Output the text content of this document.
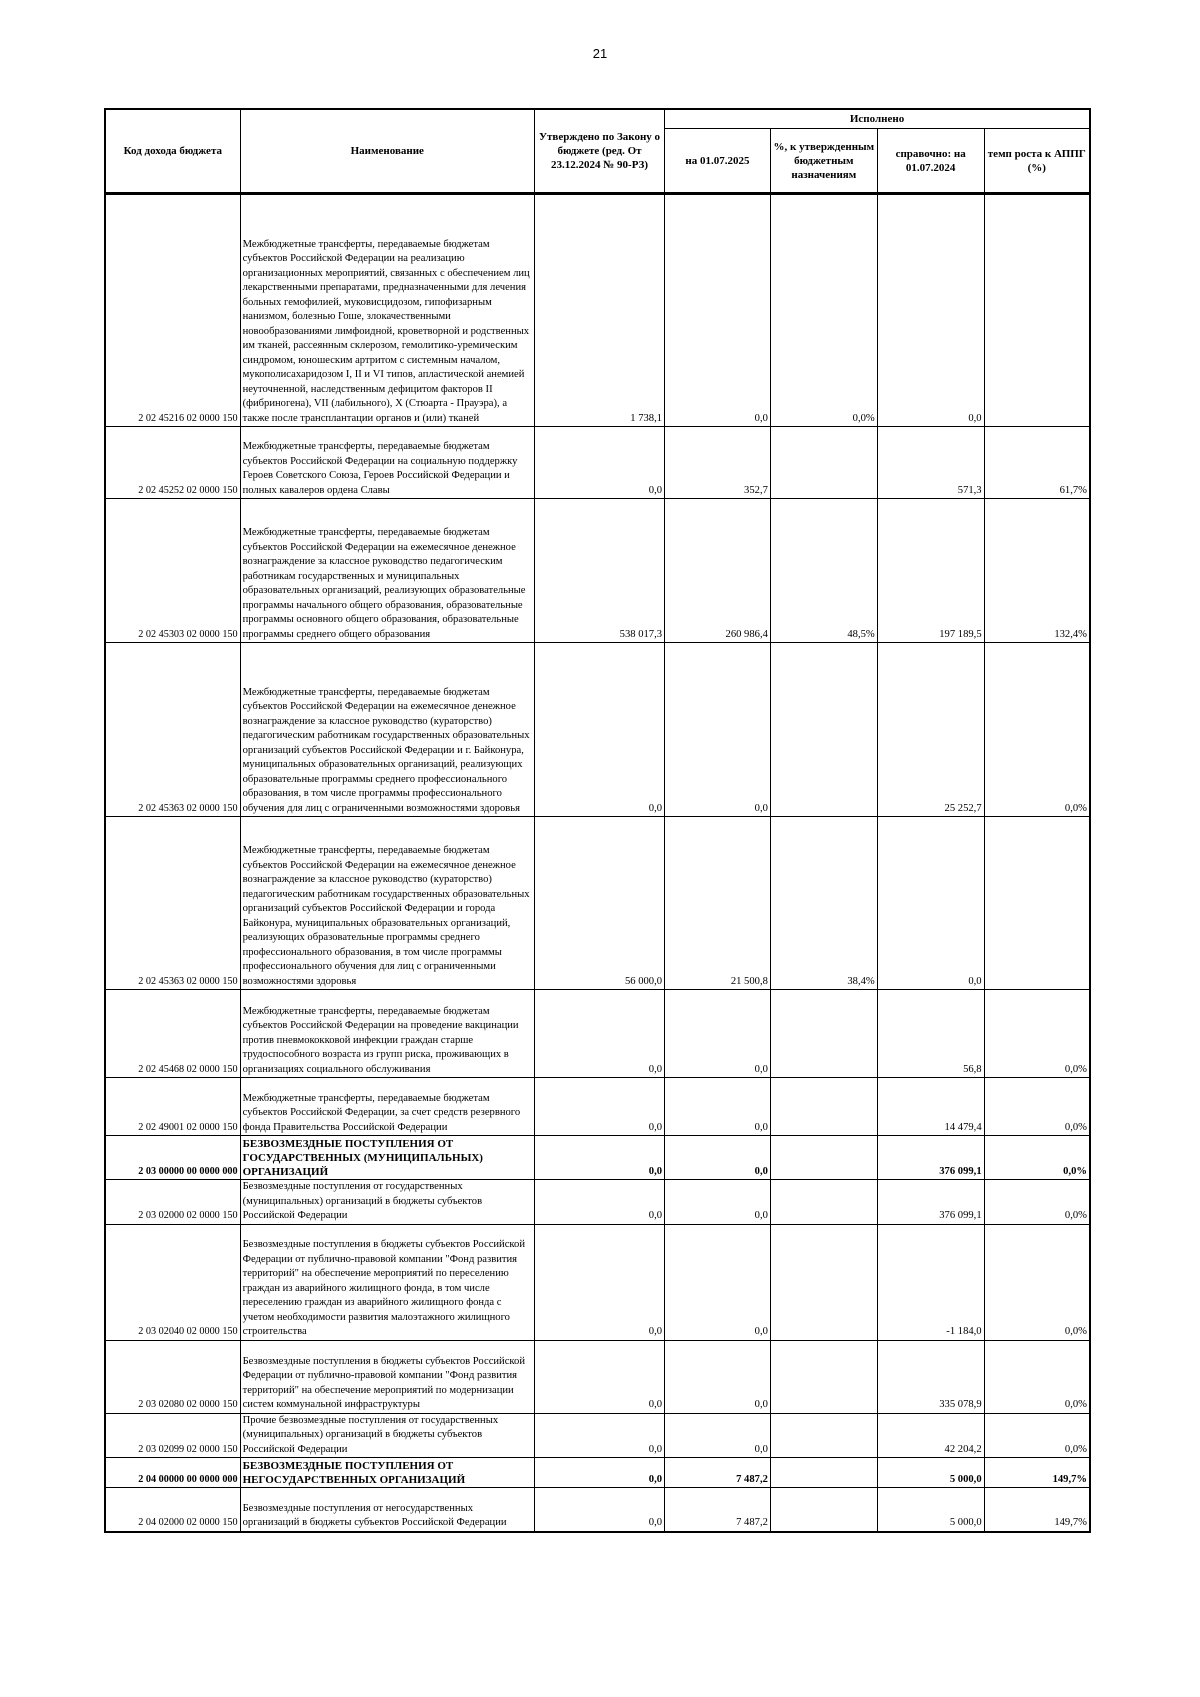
21
Код дохода бюджета	Наименование	Утверждено по Закону о бюджете (ред. От 23.12.2024 № 90-РЗ)	Исполнено			
			на 01.07.2025	%, к утвержденным бюджетным назначениям	справочно: на 01.07.2024	темп роста к АППГ (%)
2 02 45216 02 0000 150	Межбюджетные трансферты, передаваемые бюджетам субъектов Российской Федерации на реализацию организационных мероприятий, связанных с обеспечением лиц лекарственными препаратами, предназначенными для лечения больных гемофилией, муковисцидозом, гипофизарным нанизмом, болезнью Гоше, злокачественными новообразованиями лимфоидной, кроветворной и родственных им тканей, рассеянным склерозом, гемолитико-уремическим синдромом, юношеским артритом с системным началом, мукополисахаридозом I, II и VI типов, апластической анемией неуточненной, наследственным дефицитом факторов II (фибриногена), VII (лабильного), X (Стюарта - Прауэра), а также после трансплантации органов и (или) тканей	1 738,1	0,0	0,0%	0,0	
2 02 45252 02 0000 150	Межбюджетные трансферты, передаваемые бюджетам субъектов Российской Федерации на социальную поддержку Героев Советского Союза, Героев Российской Федерации и полных кавалеров ордена Славы	0,0	352,7		571,3	61,7%
2 02 45303 02 0000 150	Межбюджетные трансферты, передаваемые бюджетам субъектов Российской Федерации на ежемесячное денежное вознаграждение за классное руководство педагогическим работникам государственных и муниципальных образовательных организаций, реализующих образовательные программы начального общего образования, образовательные программы основного общего образования, образовательные программы среднего общего образования	538 017,3	260 986,4	48,5%	197 189,5	132,4%
2 02 45363 02 0000 150	Межбюджетные трансферты, передаваемые бюджетам субъектов Российской Федерации на ежемесячное денежное вознаграждение за классное руководство (кураторство) педагогическим работникам государственных образовательных организаций субъектов Российской Федерации и г. Байконура, муниципальных образовательных организаций, реализующих образовательные программы среднего профессионального образования, в том числе программы профессионального обучения для лиц с ограниченными возможностями здоровья	0,0	0,0		25 252,7	0,0%
2 02 45363 02 0000 150	Межбюджетные трансферты, передаваемые бюджетам субъектов Российской Федерации на ежемесячное денежное вознаграждение за классное руководство (кураторство) педагогическим работникам государственных образовательных организаций субъектов Российской Федерации и города Байконура, муниципальных образовательных организаций, реализующих образовательные программы среднего профессионального образования, в том числе программы профессионального обучения для лиц с ограниченными возможностями здоровья	56 000,0	21 500,8	38,4%	0,0	
2 02 45468 02 0000 150	Межбюджетные трансферты, передаваемые бюджетам субъектов Российской Федерации на проведение вакцинации против пневмококковой инфекции граждан старше трудоспособного возраста из групп риска, проживающих в организациях социального обслуживания	0,0	0,0		56,8	0,0%
2 02 49001 02 0000 150	Межбюджетные трансферты, передаваемые бюджетам субъектов Российской Федерации, за счет средств резервного фонда Правительства Российской Федерации	0,0	0,0		14 479,4	0,0%
2 03 00000 00 0000 000	БЕЗВОЗМЕЗДНЫЕ ПОСТУПЛЕНИЯ ОТ ГОСУДАРСТВЕННЫХ (МУНИЦИПАЛЬНЫХ) ОРГАНИЗАЦИЙ	0,0	0,0		376 099,1	0,0%
2 03 02000 02 0000 150	Безвозмездные поступления от государственных (муниципальных) организаций в бюджеты субъектов Российской Федерации	0,0	0,0		376 099,1	0,0%
2 03 02040 02 0000 150	Безвозмездные поступления в бюджеты субъектов Российской Федерации от публично-правовой компании "Фонд развития территорий" на обеспечение мероприятий по переселению граждан из аварийного жилищного фонда, в том числе переселению граждан из аварийного жилищного фонда с учетом необходимости развития малоэтажного жилищного строительства	0,0	0,0		-1 184,0	0,0%
2 03 02080 02 0000 150	Безвозмездные поступления в бюджеты субъектов Российской Федерации от публично-правовой компании "Фонд развития территорий" на обеспечение мероприятий по модернизации систем коммунальной инфраструктуры	0,0	0,0		335 078,9	0,0%
2 03 02099 02 0000 150	Прочие безвозмездные поступления от государственных (муниципальных) организаций в бюджеты субъектов Российской Федерации	0,0	0,0		42 204,2	0,0%
2 04 00000 00 0000 000	БЕЗВОЗМЕЗДНЫЕ ПОСТУПЛЕНИЯ ОТ НЕГОСУДАРСТВЕННЫХ ОРГАНИЗАЦИЙ	0,0	7 487,2		5 000,0	149,7%
2 04 02000 02 0000 150	Безвозмездные поступления от негосударственных организаций в бюджеты субъектов Российской Федерации	0,0	7 487,2		5 000,0	149,7%
